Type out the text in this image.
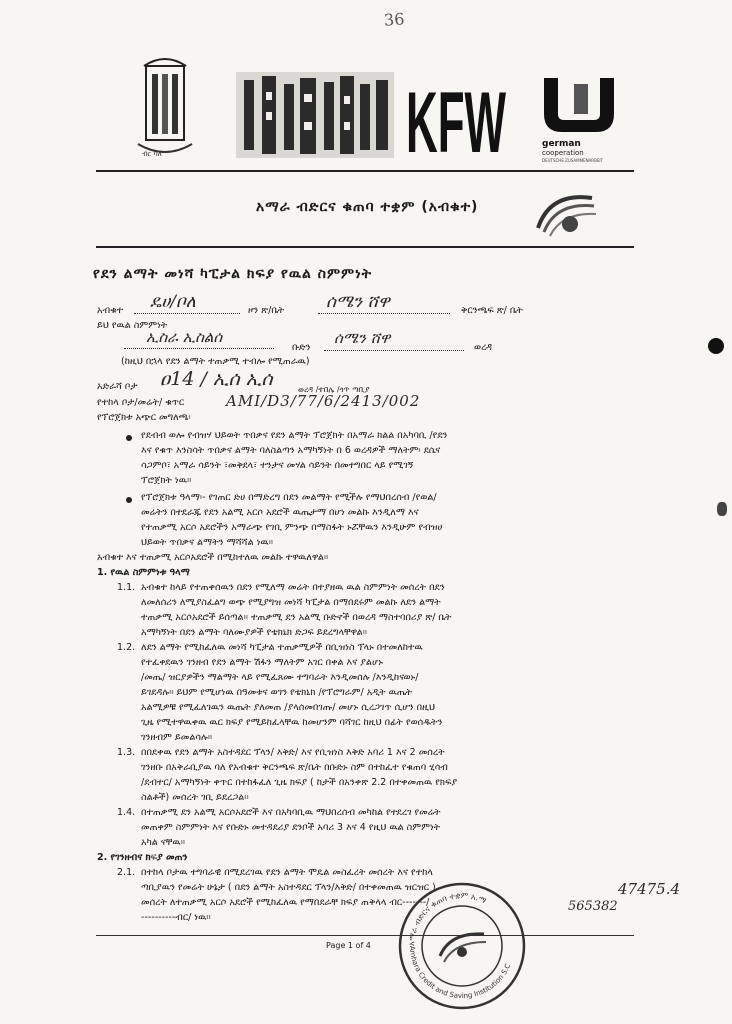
36
ብር ባለ	KFW	german
cooperation
DEUTSCHE ZUSAMMENARBEIT
አማራ ብድርና ቁጠባ ተቋም (አብቁተ)
የደን ልማት መነሻ ካፒታል ክፍያ የዉል ስምምነት
አብቁተ ዴሀ/ቦለ	ዞን ጽ/ቤት ሰሜን ሸዋ	ቅርንጫፍ ጽ/ ቤት
ይህ የዉል ስምምነት
ኢስራ ኢስልሰ
ቡድን
ሰሜን ሸዋ
ወረዳ
(ከዚህ በኋላ የደን ልማት ተጠቃሚ ተብሎ የሚጠራዉ)
አድራሻ ቦታ ዐ14 / ኢሰ ኢሰ	ወረዳ /ተበሌ /ጎጥ ጣቢያ
የተከላ ቦታ/መሬት/ ቁጥር	AMI/D3/77/6/2413/002
የፕሮጀክቱ አጭር መግለጫ፡
የደብብ ወሎ የብዝሃ ህይወት ጥበቃና የደን ልማት ፕሮጀክት በአማራ ክልል በአካባቢ /የደን
እና የቁጥ እንስሳት ጥበቃና ልማት ባለስልጣን አማካኝነት በ 6 ወረዳዎች ማለትም፡ ደሴና
ሳጋምቦ፣ አማራ ሳይንት ፣መቅደላ፣ ተንታና መሃል ሳይንት በመተግበር ላይ የሚገኝ
ፕሮጀክት ነዉ።
የፕሮጀክቱ ዓላማ፡- የገጠር ድሀ በማድረግ በደን መልማት የሚችሉ የማህበረሰብ /የወል/
መሬትን በተደራጁ የደን አልሚ አርሶ አደሮች ዉጤታማ በሆነ መልኩ እንዲለማ እና
የተጠቃሚ አርሶ አደሮችን አማራጭ የገቢ ምንጭ በማስፋት ኑሯቸዉን እንዲሁም የብዝሀ
ህይወት ጥበቃና ልማትን ማሻሻል ነዉ።
አብቁተ እና ተጠቃሚ አርሶአደሮች በሚከተለዉ መልኩ ተዋዉለዋል።
1. የዉል ስምምነቱ ዓላማ
1.1. አብቁተ ከላይ የተጠቀሰዉን በደን የሚለማ መሬት በተያዘዉ ዉል ስምምነት መሰረት በደን
ለመለሰሪን ለሚያስፈልግ ወጭ የሚያግዝ መነሻ ካፒታል በማበደሩም መልኩ ለደን ልማት
ተጠቃሚ አርሶአደሮች ይሰጣል። ተጠቃሚ ደን አልሚ ቡድኖች በወረዳ ማስተባበሪያ ጽ/ ቤት
አማካኝነት በደን ልማት ባለሙያዎች የቴክኒክ ድጋፍ ይደረግላቸዋል።
1.2. ለደን ልማት የሚከፈለዉ መነሻ ካፒታል ተጠቃሚዎች በቢዝነስ ፕላኑ በተመለከተዉ
የተፈቀደዉን ገንዘብ የደን ልማት ሽፋን ማለትም አገር በቀል እና ያልሆኑ
/መጤ/ ዝርያዎችን ማልማት ላይ የሚፈጸሙ ተግባራት እንዲመሰሉ /እንዲከናወኑ/
ይገደዳሉ። ይህም የሚሆነዉ በዓመቱና ወገን የቴክኒክ /የፕሮግራም/ አዲት ዉጤት
አልሚዎቹ የሚፈለገዉን ዉጤት ያለመጠ /ያላሰመበገጡ/ መሆኑ ሲረጋገጥ ሲሆን በዚህ
ጊዜ የሚተዋዉቀዉ ዉር ክፍያ የሚይከፈላቸዉ ከመሆንም ባሻገር ከዚህ በፊት የወሰዱትን
ገንዘብም ይመልሳሉ።
1.3. በበደቀዉ የደን ልማት አስተዳደር ፕላን/ እቅድ/ እና የቢዝነስ እቅድ አባሪ 1 እና 2 መሰረት
ገንዘቡ በአቅራቢያዉ ባለ የአብቁተ ቅርንጫፍ ጽ/ቤት በቡድኑ ስም በተከፈተ የቁጠባ ሂሳብ
/ደብተር/ አማካኝነት ቀጥር በተከፋፈለ ጊዜ ክፍያ ( ከታች በአንቀጽ 2.2 በተቀመጠዉ የክፍያ
ስልቶች) መሰረት ገቢ ይደረጋል።
1.4. በተጠቃሚ ደን አልሚ አርሶአደሮች እና በአካባቢዉ ማህበረሰብ መካከል የተደረገ የመሬት
መጠቀም ስምምነት እና የቡድኑ መተዳደሪያ ደንቦች አባሪ 3 እና 4 የዚህ ዉል ስምምነት
አካል ናቸዉ።
2. የገንዘብና ክፍያ መጠን
2.1. በተከላ ቦታዉ ተግባራዊ በሚደረገዉ የደን ልማት ሞዴል መስፈረት መሰረት እና የተከላ
ጣቢያዉን የመሬት ሁኔታ ( በደን ልማት አስተዳደር ፕላን/እቅድ/ በተቀመጠዉ ዝርዝር )
መሰረት ለተጠቃሚ አርሶ አደሮች የሚከፈለዉ የማበደራቸ ክፍያ ጠቅላላ ብር-------/
----------ብር/ ነዉ።
47475.4
565382
Page 1 of 4	አማራ ብድርና ቁጠባ ተቋም አ.ማ
Amhara Credit and Saving Institution S.C
